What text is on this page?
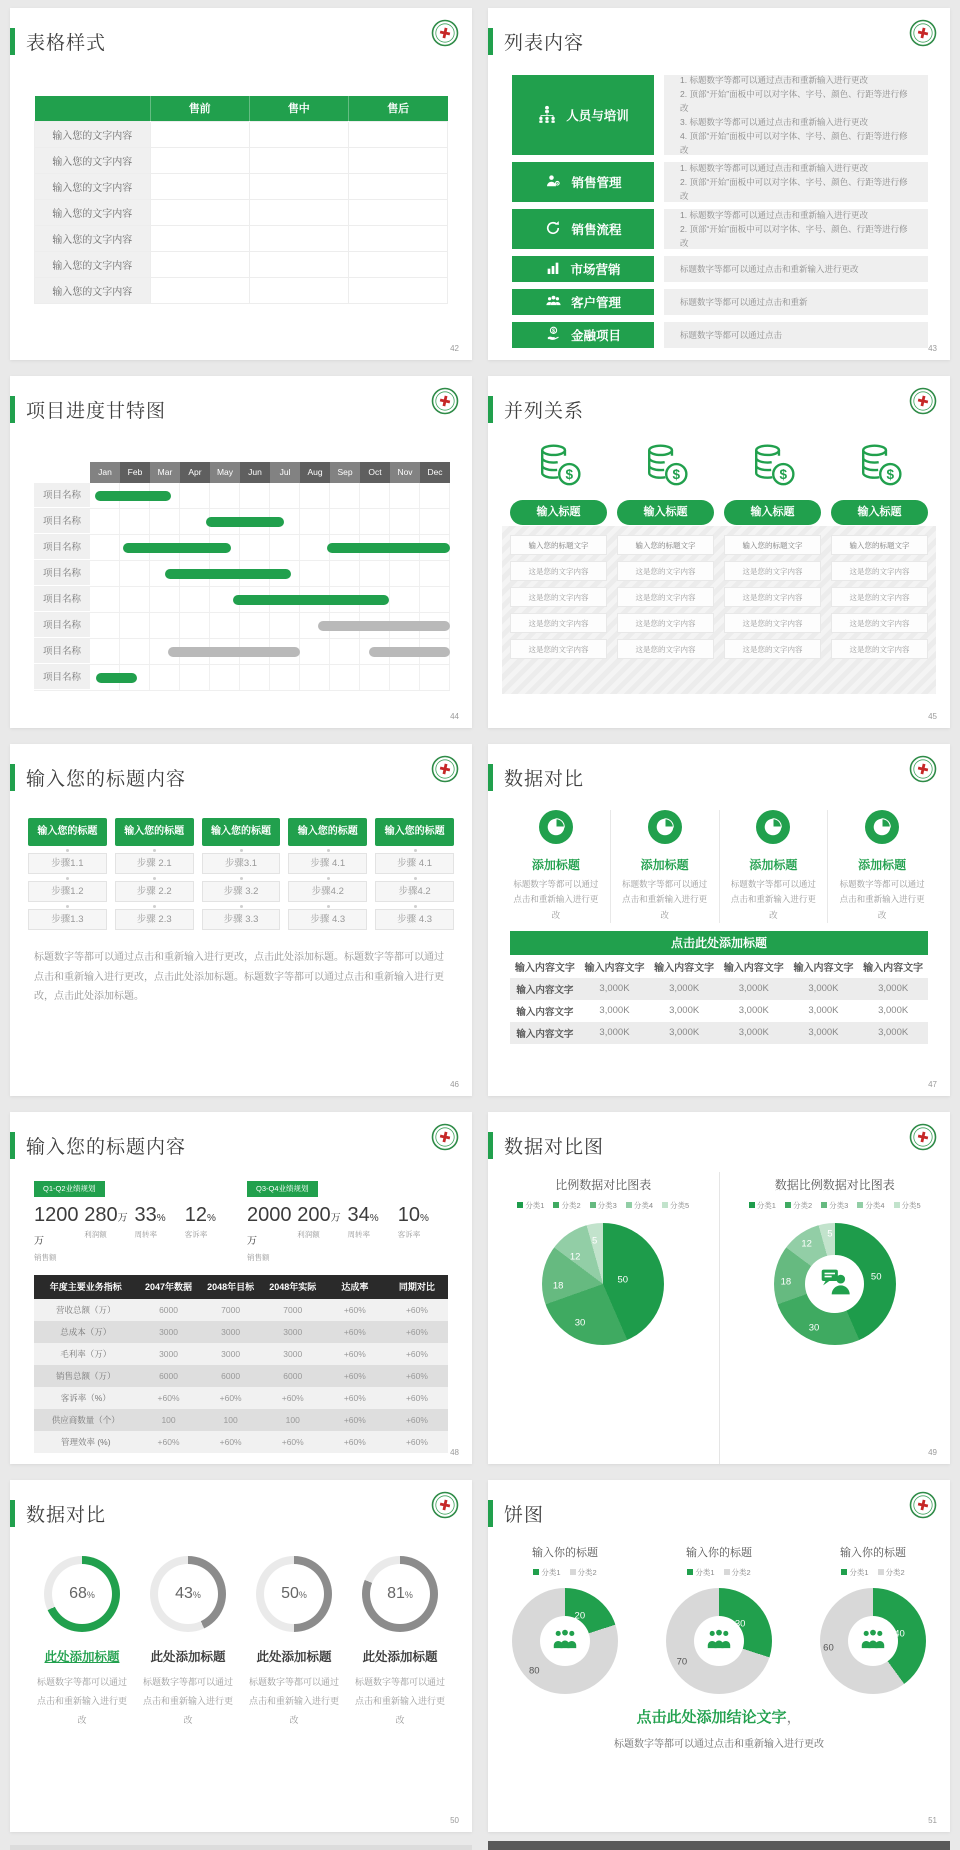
表格样式
	售前	售中	售后
输入您的文字内容			
输入您的文字内容			
输入您的文字内容			
输入您的文字内容			
输入您的文字内容			
输入您的文字内容			
输入您的文字内容			
42
列表内容
人员与培训
1. 标题数字等都可以通过点击和重新输入进行更改
2. 顶部“开始”面板中可以对字体、字号、颜色、行距等进行修改
3. 标题数字等都可以通过点击和重新输入进行更改
4. 顶部“开始”面板中可以对字体、字号、颜色、行距等进行修改
销售管理
1. 标题数字等都可以通过点击和重新输入进行更改
2. 顶部“开始”面板中可以对字体、字号、颜色、行距等进行修改
销售流程
1. 标题数字等都可以通过点击和重新输入进行更改
2. 顶部“开始”面板中可以对字体、字号、颜色、行距等进行修改
市场营销	标题数字等都可以通过点击和重新输入进行更改
客户管理	标题数字等都可以通过点击和重新
$ 金融项目	标题数字等都可以通过点击
43
项目进度甘特图
Jan	Feb	Mar	Apr	May	Jun	Jul	Aug	Sep	Oct	Nov	Dec
项目名称
项目名称
项目名称
项目名称
项目名称
项目名称
项目名称
项目名称
44
并列关系
$
输入标题
输入您的标题文字
这是您的文字内容
这是您的文字内容
这是您的文字内容
这是您的文字内容
$
输入标题
输入您的标题文字
这是您的文字内容
这是您的文字内容
这是您的文字内容
这是您的文字内容
$
输入标题
输入您的标题文字
这是您的文字内容
这是您的文字内容
这是您的文字内容
这是您的文字内容
$
输入标题
输入您的标题文字
这是您的文字内容
这是您的文字内容
这是您的文字内容
这是您的文字内容
45
输入您的标题内容
输入您的标题
步骤1.1
步骤1.2
步骤1.3
输入您的标题
步骤 2.1
步骤 2.2
步骤 2.3
输入您的标题
步骤3.1
步骤 3.2
步骤 3.3
输入您的标题
步骤 4.1
步骤4.2
步骤 4.3
输入您的标题
步骤 4.1
步骤4.2
步骤 4.3

标题数字等都可以通过点击和重新输入进行更改，点击此处添加标题。标题数字等都可以通过点击和重新输入进行更改，点击此处添加标题。标题数字等都可以通过点击和重新输入进行更改，点击此处添加标题。

46
数据对比
添加标题

标题数字等都可以通过点击和重新输入进行更改

添加标题

标题数字等都可以通过点击和重新输入进行更改

添加标题

标题数字等都可以通过点击和重新输入进行更改

添加标题

标题数字等都可以通过点击和重新输入进行更改

点击此处添加标题
输入内容文字	输入内容文字	输入内容文字	输入内容文字	输入内容文字	输入内容文字
输入内容文字	3,000K	3,000K	3,000K	3,000K	3,000K
输入内容文字	3,000K	3,000K	3,000K	3,000K	3,000K
输入内容文字	3,000K	3,000K	3,000K	3,000K	3,000K
47
输入您的标题内容
Q1-Q2业绩规划
1200万
销售额
280万
利润额
33%
周转率
12%
客诉率
Q3-Q4业绩规划
2000万
销售额
200万
利润额
34%
周转率
10%
客诉率
年度主要业务指标	2047年数据	2048年目标	2048年实际	达成率	同期对比
营收总额（万）	6000	7000	7000	+60%	+60%
总成本（万）	3000	3000	3000	+60%	+60%
毛利率（万）	3000	3000	3000	+60%	+60%
销售总额（万）	6000	6000	6000	+60%	+60%
客诉率（%）	+60%	+60%	+60%	+60%	+60%
供应商数量（个）	100	100	100	+60%	+60%
管理效率 (%)	+60%	+60%	+60%	+60%	+60%
48
数据对比图
比例数据对比图表
分类1	分类2	分类3	分类4	分类5
50
30
18
12
5
数据比例数据对比图表
分类1	分类2	分类3	分类4	分类5
50
30
18
12
5
49
数据对比
68%
此处添加标题

标题数字等都可以通过点击和重新输入进行更改

43%
此处添加标题

标题数字等都可以通过点击和重新输入进行更改

50%
此处添加标题

标题数字等都可以通过点击和重新输入进行更改

81%
此处添加标题

标题数字等都可以通过点击和重新输入进行更改

50
饼图
输入你的标题
分类1	分类2
20
80
输入你的标题
分类1	分类2
30
70
输入你的标题
分类1	分类2
40
60
点击此处添加结论文字，
标题数字等都可以通过点击和重新输入进行更改
51
